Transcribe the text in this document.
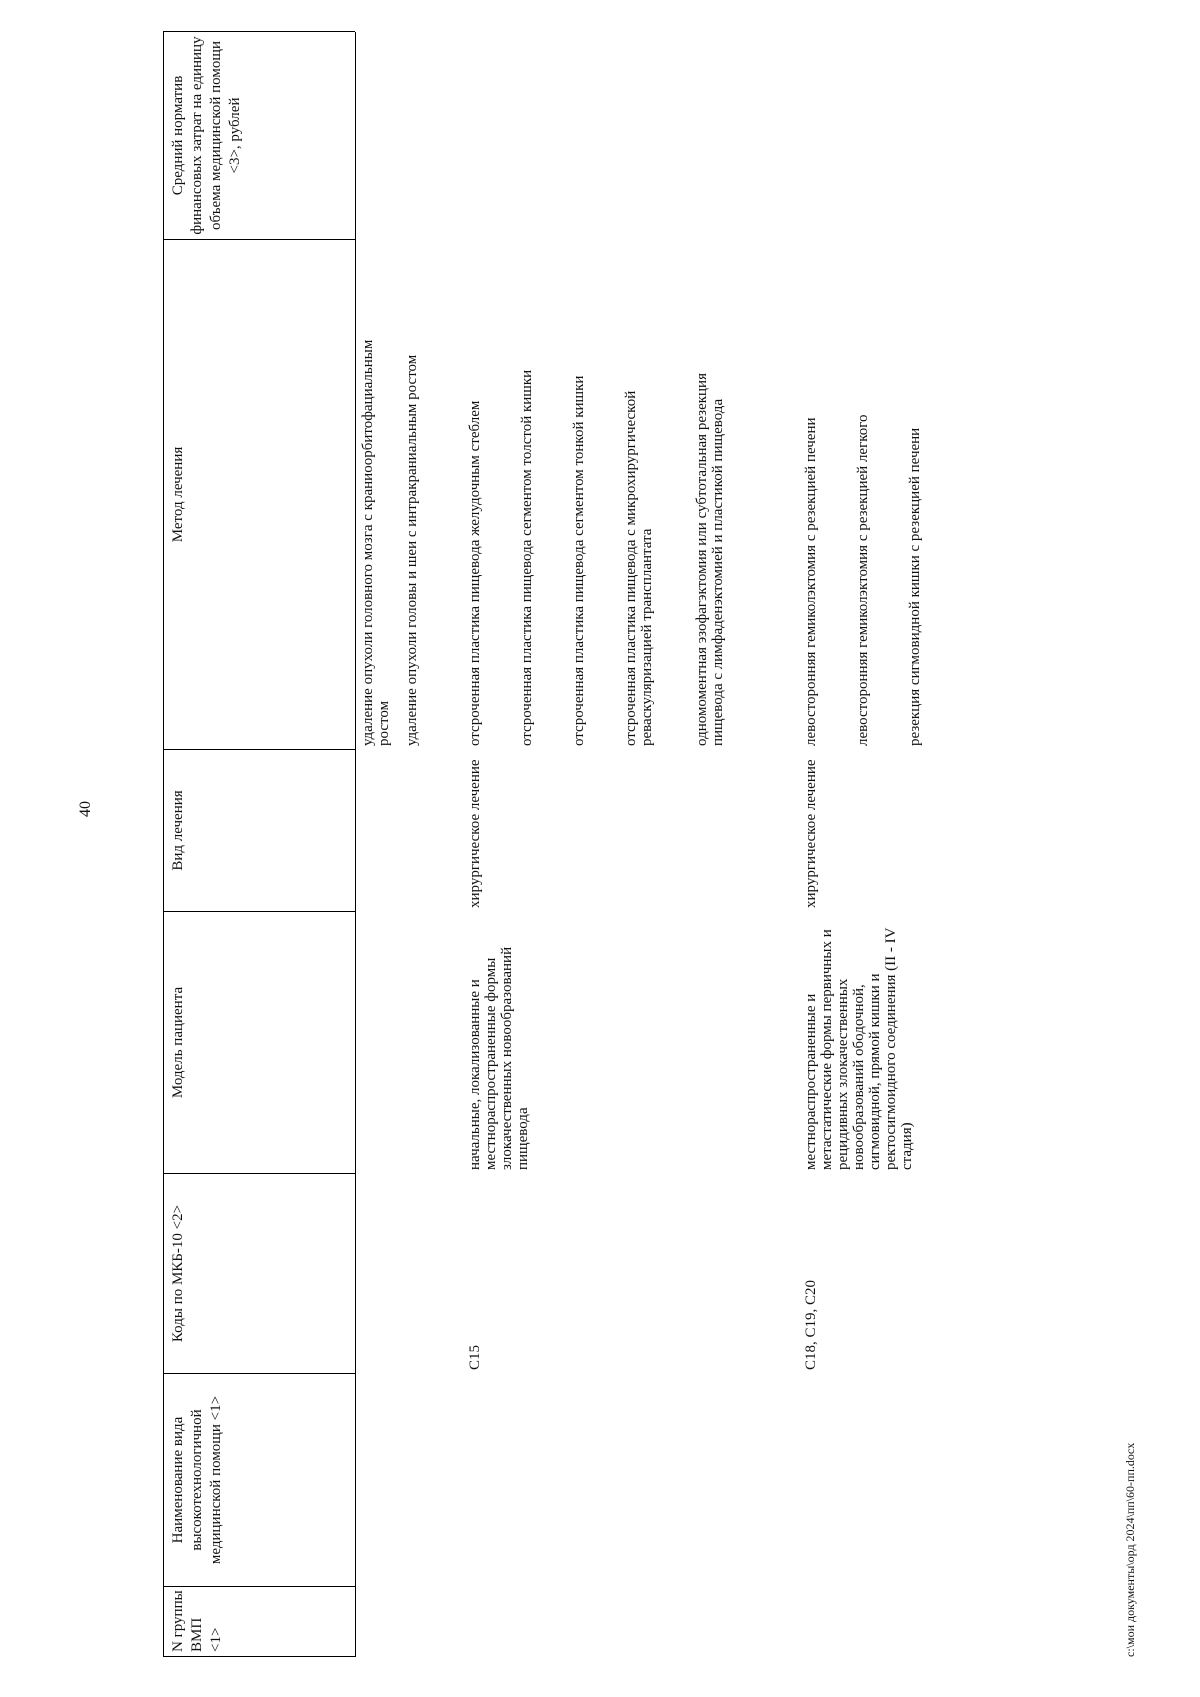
40
N группы ВМП <1>
Наименование вида высокотехнологичной медицинской помощи <1>
Коды по МКБ-10 <2>
Модель пациента
Вид лечения
Метод лечения
Средний норматив финансовых затрат на единицу объема медицинской помощи <3>, рублей
удаление опухоли головного мозга с краниоорбитофациальным ростом удаление опухоли головы и шеи с интракраниальным ростом
C15
начальные, локализованные и местнораспространенные формы злокачественных новообразований пищевода
хирургическое лечение
отсроченная пластика пищевода желудочным стеблем отсроченная пластика пищевода сегментом толстой кишки отсроченная пластика пищевода сегментом тонкой кишки отсроченная пластика пищевода с микрохирургической реваскуляризацией трансплантата	одномоментная эзофагэктомия или субтотальная резекция пищевода с лимфаденэктомией и пластикой пищевода
C18, C19, C20
местнораспространенные и метастатические формы первичных и рецидивных злокачественных новообразований ободочной, сигмовидной, прямой кишки и ректосигмоидного соединения (II - IV стадия)
хирургическое лечение
левосторонняя гемиколэктомия с резекцией печени левосторонняя гемиколэктомия с резекцией легкого резекция сигмовидной кишки с резекцией печени
c:\мои документы\орд 2024\пп\60-пп.docx
